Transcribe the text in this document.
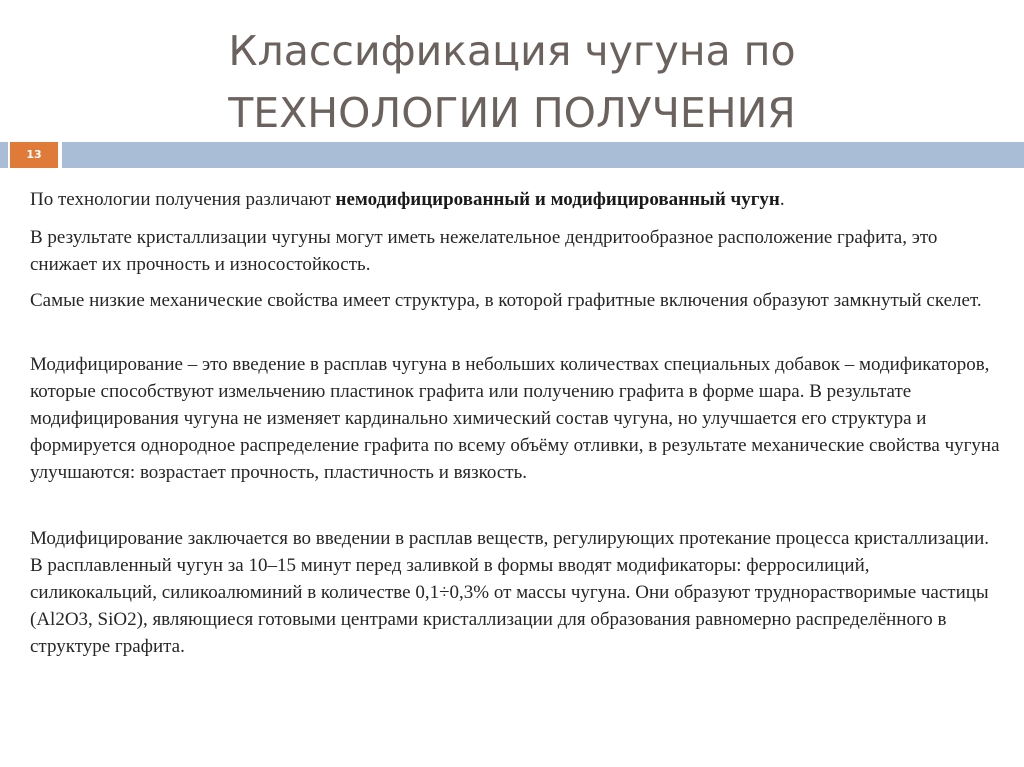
Классификация чугуна по
ТЕХНОЛОГИИ ПОЛУЧЕНИЯ
13

По технологии получения различают немодифицированный и модифицированный чугун.

В результате кристаллизации чугуны могут иметь нежелательное дендритообразное расположение графита, это снижает их прочность и износостойкость.

Самые низкие механические свойства имеет структура, в которой графитные включения образуют замкнутый скелет.

Модифицирование – это введение в расплав чугуна в небольших количествах специальных добавок – модификаторов, которые способствуют измельчению пластинок графита или получению графита в форме шара. В результате модифицирования чугуна не изменяет кардинально химический состав чугуна, но улучшается его структура и формируется однородное распределение графита по всему объёму отливки, в результате механические свойства чугуна улучшаются: возрастает прочность, пластичность и вязкость.

Модифицирование заключается во введении в расплав веществ, регулирующих протекание процесса кристаллизации. В расплавленный чугун за 10–15 минут перед заливкой в формы вводят модификаторы: ферросилиций, силикокальций, силикоалюминий в количестве 0,1÷0,3% от массы чугуна. Они образуют труднорастворимые частицы (Al2O3, SiO2), являющиеся готовыми центрами кристаллизации для образования равномерно распределённого в структуре графита.
